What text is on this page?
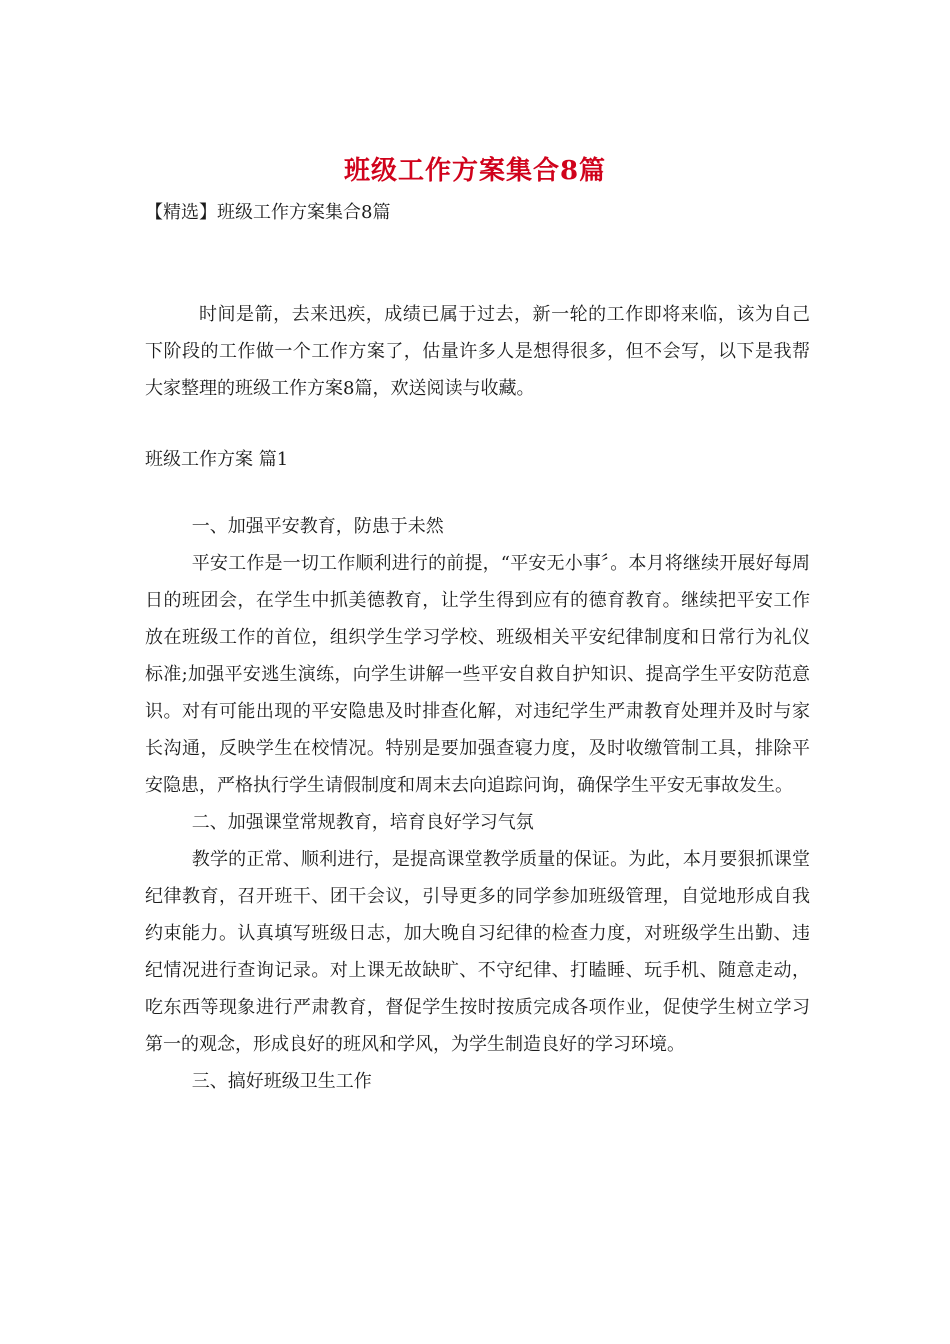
班级工作方案集合8篇

【精选】班级工作方案集合8篇

时间是箭，去来迅疾，成绩已属于过去，新一轮的工作即将来临，该为自己下阶段的工作做一个工作方案了，估量许多人是想得很多，但不会写，以下是我帮大家整理的班级工作方案8篇，欢送阅读与收藏。

班级工作方案 篇1

一、加强平安教育，防患于未然

平安工作是一切工作顺利进行的前提，“平安无小事〞。本月将继续开展好每周日的班团会，在学生中抓美德教育，让学生得到应有的德育教育。继续把平安工作放在班级工作的首位，组织学生学习学校、班级相关平安纪律制度和日常行为礼仪标准;加强平安逃生演练，向学生讲解一些平安自救自护知识、提高学生平安防范意识。对有可能出现的平安隐患及时排查化解，对违纪学生严肃教育处理并及时与家长沟通，反映学生在校情况。特别是要加强查寝力度，及时收缴管制工具，排除平安隐患，严格执行学生请假制度和周末去向追踪问询，确保学生平安无事故发生。

二、加强课堂常规教育，培育良好学习气氛

教学的正常、顺利进行，是提高课堂教学质量的保证。为此，本月要狠抓课堂纪律教育，召开班干、团干会议，引导更多的同学参加班级管理，自觉地形成自我约束能力。认真填写班级日志，加大晚自习纪律的检查力度，对班级学生出勤、违纪情况进行查询记录。对上课无故缺旷、不守纪律、打瞌睡、玩手机、随意走动，吃东西等现象进行严肃教育，督促学生按时按质完成各项作业，促使学生树立学习第一的观念，形成良好的班风和学风，为学生制造良好的学习环境。

三、搞好班级卫生工作
